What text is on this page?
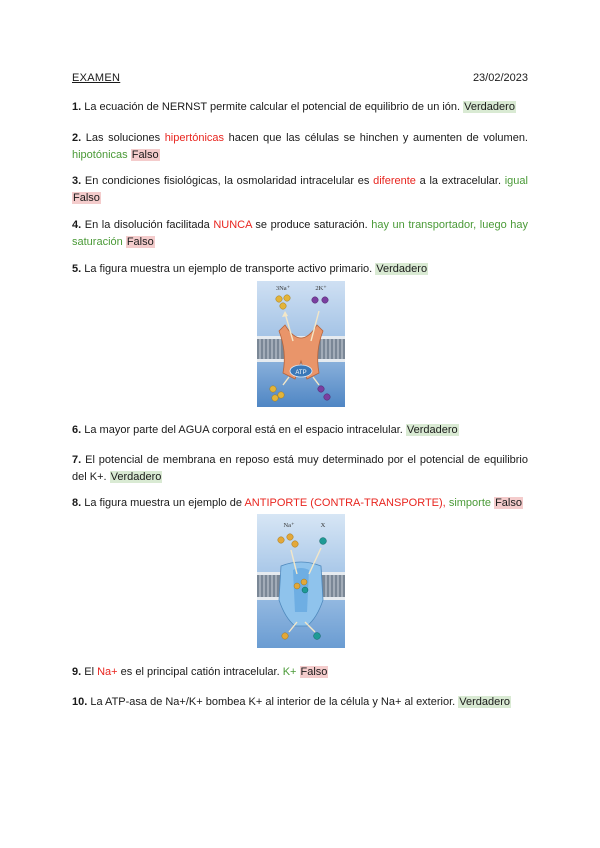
EXAMEN	23/02/2023
1. La ecuación de NERNST permite calcular el potencial de equilibrio de un ión. Verdadero
2. Las soluciones hipertónicas hacen que las células se hinchen y aumenten de volumen. hipotónicas Falso
3. En condiciones fisiológicas, la osmolaridad intracelular es diferente a la extracelular. igual Falso
4. En la disolución facilitada NUNCA se produce saturación. hay un transportador, luego hay saturación Falso
5. La figura muestra un ejemplo de transporte activo primario. Verdadero
ATP
3Na⁺	2K⁺
6. La mayor parte del AGUA corporal está en el espacio intracelular. Verdadero
7. El potencial de membrana en reposo está muy determinado por el potencial de equilibrio del K+. Verdadero
8. La figura muestra un ejemplo de ANTIPORTE (CONTRA-TRANSPORTE), simporte Falso
Na⁺	X
9. El Na+ es el principal catión intracelular. K+ Falso
10. La ATP-asa de Na+/K+ bombea K+ al interior de la célula y Na+ al exterior. Verdadero
